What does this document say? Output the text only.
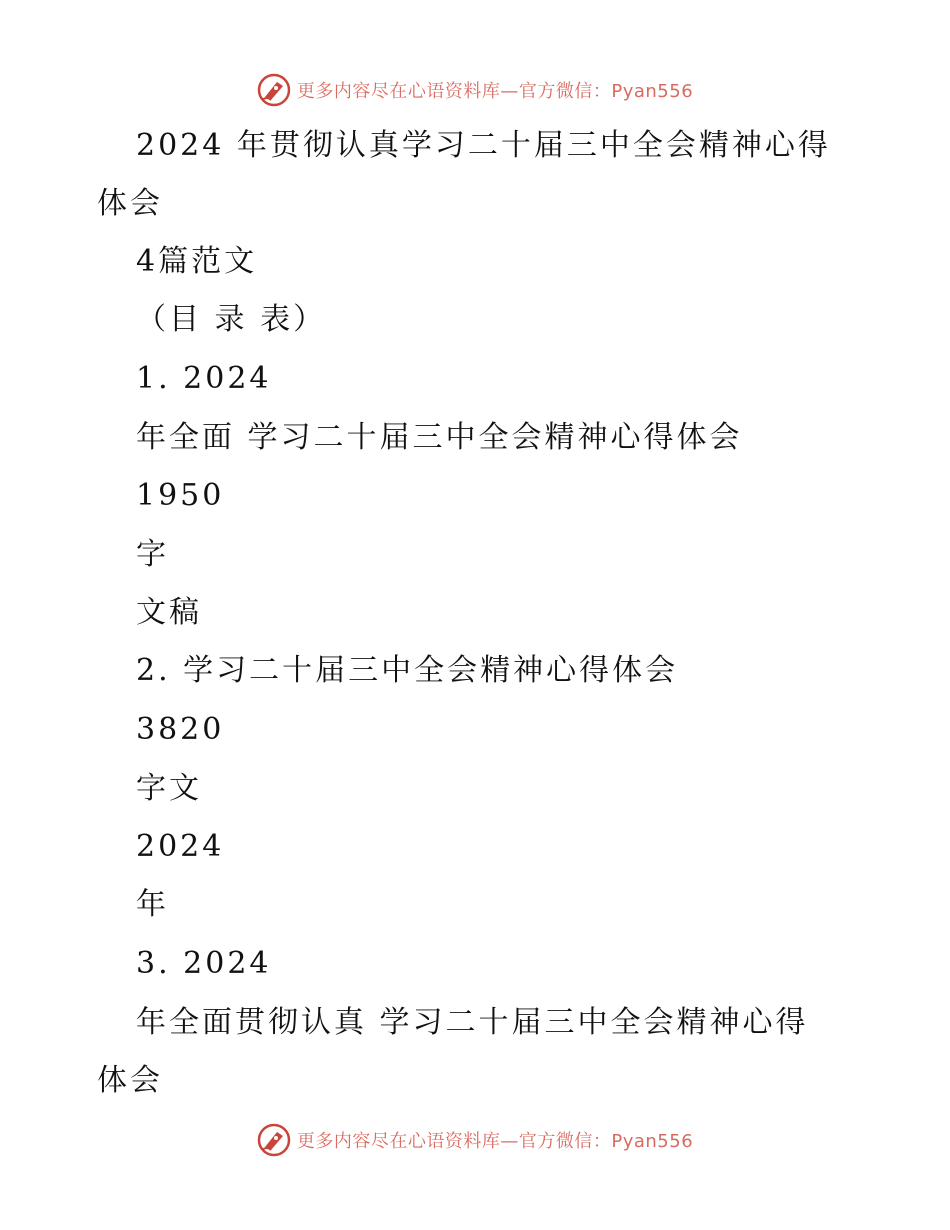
更多内容尽在心语资料库—官方微信：Pyan556
2024 年贯彻认真学习二十届三中全会精神心得
体会
4篇范文
（目 录 表）
1. 2024
年全面 学习二十届三中全会精神心得体会
1950
字
文稿
2. 学习二十届三中全会精神心得体会
3820
字文
2024
年
3. 2024
年全面贯彻认真 学习二十届三中全会精神心得
体会
更多内容尽在心语资料库—官方微信：Pyan556
